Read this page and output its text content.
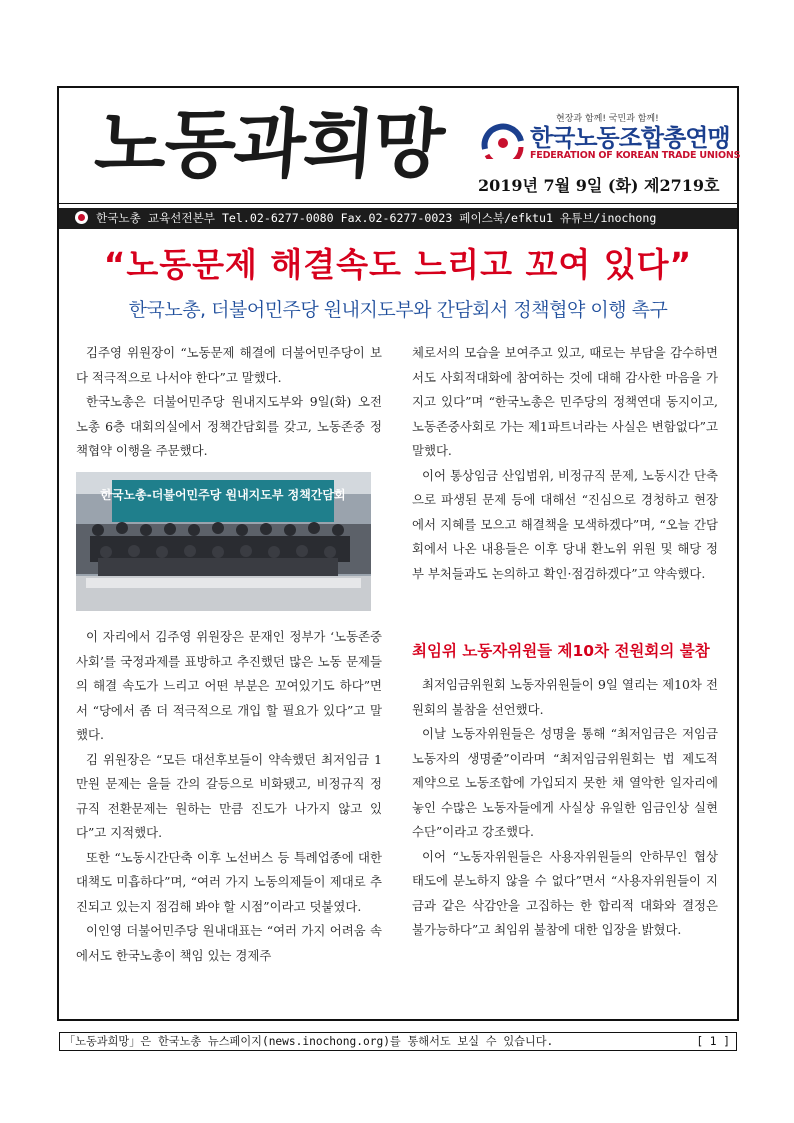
노동과희망	현장과 함께! 국민과 함께!
한국노동조합총연맹
FEDERATION OF KOREAN TRADE UNIONS
2019년 7월 9일 (화) 제2719호
한국노총 교육선전본부 Tel.02-6277-0080 Fax.02-6277-0023 페이스북/efktu1 유튜브/inochong
“노동문제 해결속도 느리고 꼬여 있다”
한국노총, 더불어민주당 원내지도부와 간담회서 정책협약 이행 촉구

김주영 위원장이 “노동문제 해결에 더불어민주당이 보다 적극적으로 나서야 한다”고 말했다.

한국노총은 더불어민주당 원내지도부와 9일(화) 오전 노총 6층 대회의실에서 정책간담회를 갖고, 노동존중 정책협약 이행을 주문했다.

한국노총-더불어민주당 원내지도부 정책간담회

이 자리에서 김주영 위원장은 문재인 정부가 ‘노동존중사회’를 국정과제를 표방하고 추진했던 많은 노동 문제들의 해결 속도가 느리고 어떤 부분은 꼬여있기도 하다”면서 “당에서 좀 더 적극적으로 개입 할 필요가 있다”고 말했다.

김 위원장은 “모든 대선후보들이 약속했던 최저임금 1만원 문제는 을들 간의 갈등으로 비화됐고, 비정규직 정규직 전환문제는 원하는 만큼 진도가 나가지 않고 있다”고 지적했다.

또한 “노동시간단축 이후 노선버스 등 특례업종에 대한 대책도 미흡하다”며, “여러 가지 노동의제들이 제대로 추진되고 있는지 점검해 봐야 할 시점”이라고 덧붙였다.

이인영 더불어민주당 원내대표는 “여러 가지 어려움 속에서도 한국노총이 책임 있는 경제주

체로서의 모습을 보여주고 있고, 때로는 부담을 감수하면서도 사회적대화에 참여하는 것에 대해 감사한 마음을 가지고 있다”며 “한국노총은 민주당의 정책연대 동지이고, 노동존중사회로 가는 제1파트너라는 사실은 변함없다”고 말했다.

이어 통상임금 산입범위, 비정규직 문제, 노동시간 단축으로 파생된 문제 등에 대해선 “진심으로 경청하고 현장에서 지혜를 모으고 해결책을 모색하겠다”며, “오늘 간담회에서 나온 내용들은 이후 당내 환노위 위원 및 해당 정부 부처들과도 논의하고 확인·점검하겠다”고 약속했다.

최임위 노동자위원들 제10차 전원회의 불참

최저임금위원회 노동자위원들이 9일 열리는 제10차 전원회의 불참을 선언했다.

이날 노동자위원들은 성명을 통해 “최저임금은 저임금노동자의 생명줄”이라며 “최저임금위원회는 법 제도적 제약으로 노동조합에 가입되지 못한 채 열악한 일자리에 놓인 수많은 노동자들에게 사실상 유일한 임금인상 실현 수단”이라고 강조했다.

이어 “노동자위원들은 사용자위원들의 안하무인 협상 태도에 분노하지 않을 수 없다”면서 “사용자위원들이 지금과 같은 삭감안을 고집하는 한 합리적 대화와 결정은 불가능하다”고 최임위 불참에 대한 입장을 밝혔다.

「노동과희망」은 한국노총 뉴스페이지(news.inochong.org)를 통해서도 보실 수 있습니다.	[ 1 ]
